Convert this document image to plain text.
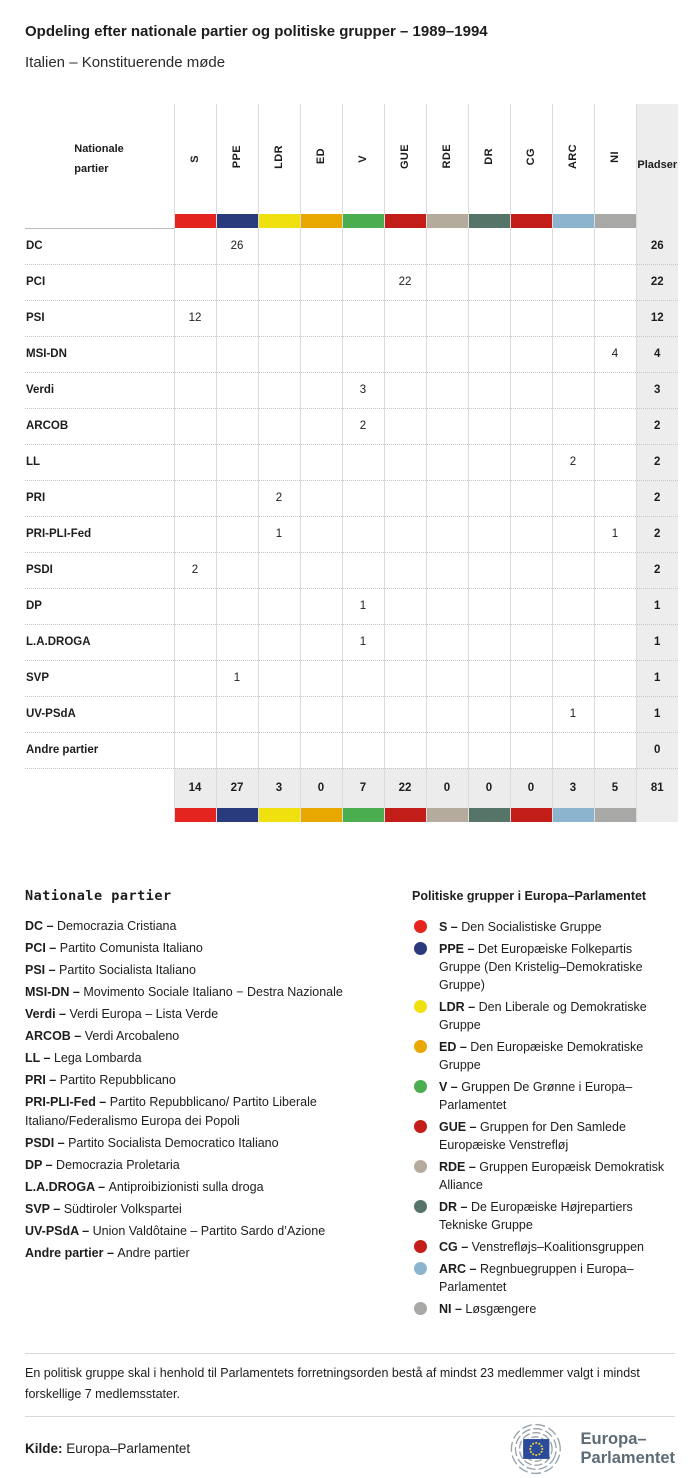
Opdeling efter nationale partier og politiske grupper – 1989–1994
Italien – Konstituerende møde
Nationale partier	S	PPE	LDR	ED	V	GUE	RDE	DR	CG	ARC	NI	Pladser

DC		26										26
PCI						22						22
PSI	12											12
MSI-DN											4	4
Verdi					3							3
ARCOB					2							2
LL										2		2
PRI			2									2
PRI-PLI-Fed			1								1	2
PSDI	2											2
DP					1							1
L.A.DROGA					1							1
SVP		1										1
UV-PSdA										1		1
Andre partier												0
	14	27	3	0	7	22	0	0	0	3	5	81

Nationale partier
DC – Democrazia Cristiana
PCI – Partito Comunista Italiano
PSI – Partito Socialista Italiano
MSI-DN – Movimento Sociale Italiano − Destra Nazionale
Verdi – Verdi Europa – Lista Verde
ARCOB – Verdi Arcobaleno
LL – Lega Lombarda
PRI – Partito Repubblicano
PRI-PLI-Fed – Partito Repubblicano/ Partito Liberale Italiano/Federalismo Europa dei Popoli
PSDI – Partito Socialista Democratico Italiano
DP – Democrazia Proletaria
L.A.DROGA – Antiproibizionisti sulla droga
SVP – Südtiroler Volkspartei
UV-PSdA – Union Valdôtaine – Partito Sardo d’Azione
Andre partier – Andre partier
Politiske grupper i Europa–Parlamentet
S – Den Socialistiske Gruppe
PPE – Det Europæiske Folkepartis Gruppe (Den Kristelig–Demokratiske Gruppe)
LDR – Den Liberale og Demokratiske Gruppe
ED – Den Europæiske Demokratiske Gruppe
V – Gruppen De Grønne i Europa–Parlamentet
GUE – Gruppen for Den Samlede Europæiske Venstrefløj
RDE – Gruppen Europæisk Demokratisk Alliance
DR – De Europæiske Højrepartiers Tekniske Gruppe
CG – Venstrefløjs–Koalitionsgruppen
ARC – Regnbuegruppen i Europa–Parlamentet
NI – Løsgængere
En politisk gruppe skal i henhold til Parlamentets forretningsorden bestå af mindst 23 medlemmer valgt i mindst forskellige 7 medlemsstater.
Kilde: Europa–Parlamentet
Europa–
Parlamentet
